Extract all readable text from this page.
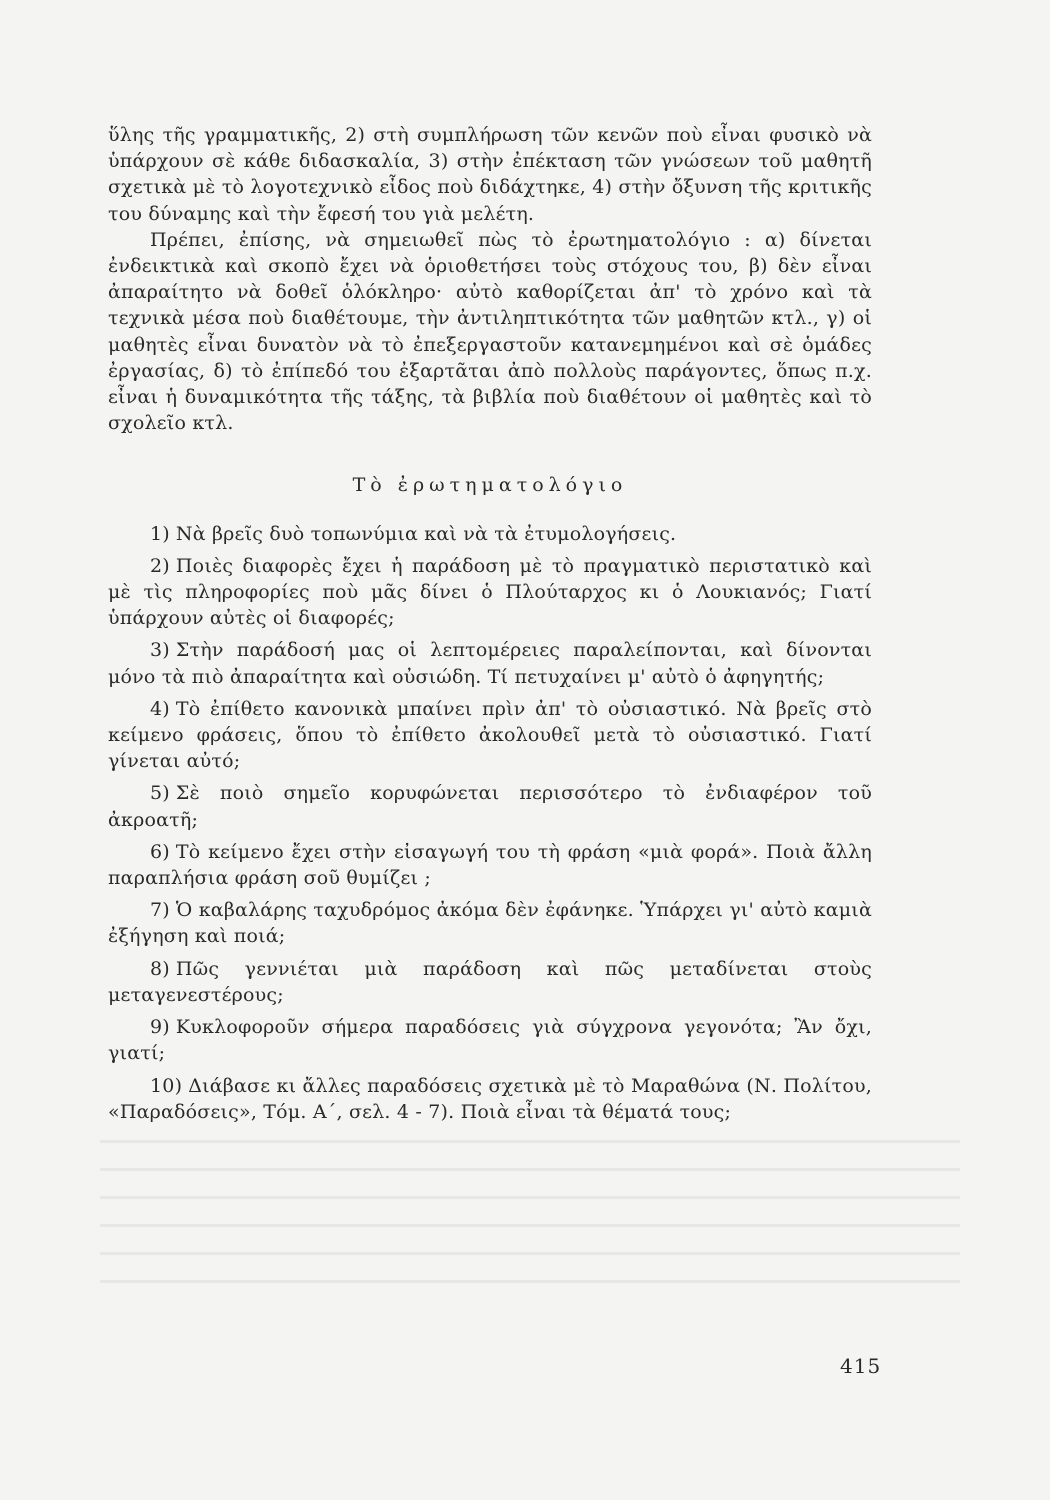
ὕλης τῆς γραμματικῆς, 2) στὴ συμπλήρωση τῶν κενῶν ποὺ εἶναι φυσικὸ νὰ ὑπάρχουν σὲ κάθε διδασκαλία, 3) στὴν ἐπέκταση τῶν γνώσεων τοῦ μαθητῆ σχετικὰ μὲ τὸ λογοτεχνικὸ εἶδος ποὺ διδάχτηκε, 4) στὴν ὄξυνση τῆς κριτικῆς του δύναμης καὶ τὴν ἔφεσή του γιὰ μελέτη.

Πρέπει, ἐπίσης, νὰ σημειωθεῖ πὼς τὸ ἐρωτηματολόγιο : α) δίνεται ἐνδεικτικὰ καὶ σκοπὸ ἔχει νὰ ὁριοθετήσει τοὺς στόχους του, β) δὲν εἶναι ἀπαραίτητο νὰ δοθεῖ ὁλόκληρο· αὐτὸ καθορίζεται ἀπ' τὸ χρόνο καὶ τὰ τεχνικὰ μέσα ποὺ διαθέτουμε, τὴν ἀντιληπτικότητα τῶν μαθητῶν κτλ., γ) οἱ μαθητὲς εἶναι δυνατὸν νὰ τὸ ἐπεξεργαστοῦν κατανεμημένοι καὶ σὲ ὁμάδες ἐργασίας, δ) τὸ ἐπίπεδό του ἐξαρτᾶται ἀπὸ πολλοὺς παράγοντες, ὅπως π.χ. εἶναι ἡ δυναμικότητα τῆς τάξης, τὰ βιβλία ποὺ διαθέτουν οἱ μαθητὲς καὶ τὸ σχολεῖο κτλ.

Τὸ ἐρωτηματολόγιο

1) Νὰ βρεῖς δυὸ τοπωνύμια καὶ νὰ τὰ ἐτυμολογήσεις.

2) Ποιὲς διαφορὲς ἔχει ἡ παράδοση μὲ τὸ πραγματικὸ περιστατικὸ καὶ μὲ τὶς πληροφορίες ποὺ μᾶς δίνει ὁ Πλούταρχος κι ὁ Λουκιανός; Γιατί ὑπάρχουν αὐτὲς οἱ διαφορές;

3) Στὴν παράδοσή μας οἱ λεπτομέρειες παραλείπονται, καὶ δίνονται μόνο τὰ πιὸ ἀπαραίτητα καὶ οὐσιώδη. Τί πετυχαίνει μ' αὐτὸ ὁ ἀφηγητής;

4) Τὸ ἐπίθετο κανονικὰ μπαίνει πρὶν ἀπ' τὸ οὐσιαστικό. Νὰ βρεῖς στὸ κείμενο φράσεις, ὅπου τὸ ἐπίθετο ἀκολουθεῖ μετὰ τὸ οὐσιαστικό. Γιατί γίνεται αὐτό;

5) Σὲ ποιὸ σημεῖο κορυφώνεται περισσότερο τὸ ἐνδιαφέρον τοῦ ἀκροατῆ;

6) Τὸ κείμενο ἔχει στὴν εἰσαγωγή του τὴ φράση «μιὰ φορά». Ποιὰ ἄλλη παραπλήσια φράση σοῦ θυμίζει ;

7) Ὁ καβαλάρης ταχυδρόμος ἀκόμα δὲν ἐφάνηκε. Ὑπάρχει γι' αὐτὸ καμιὰ ἐξήγηση καὶ ποιά;

8) Πῶς γεννιέται μιὰ παράδοση καὶ πῶς μεταδίνεται στοὺς μεταγενεστέρους;

9) Κυκλοφοροῦν σήμερα παραδόσεις γιὰ σύγχρονα γεγονότα; Ἂν ὄχι, γιατί;

10) Διάβασε κι ἄλλες παραδόσεις σχετικὰ μὲ τὸ Μαραθώνα (Ν. Πολίτου, «Παραδόσεις», Τόμ. Α΄, σελ. 4 - 7). Ποιὰ εἶναι τὰ θέματά τους;

415
